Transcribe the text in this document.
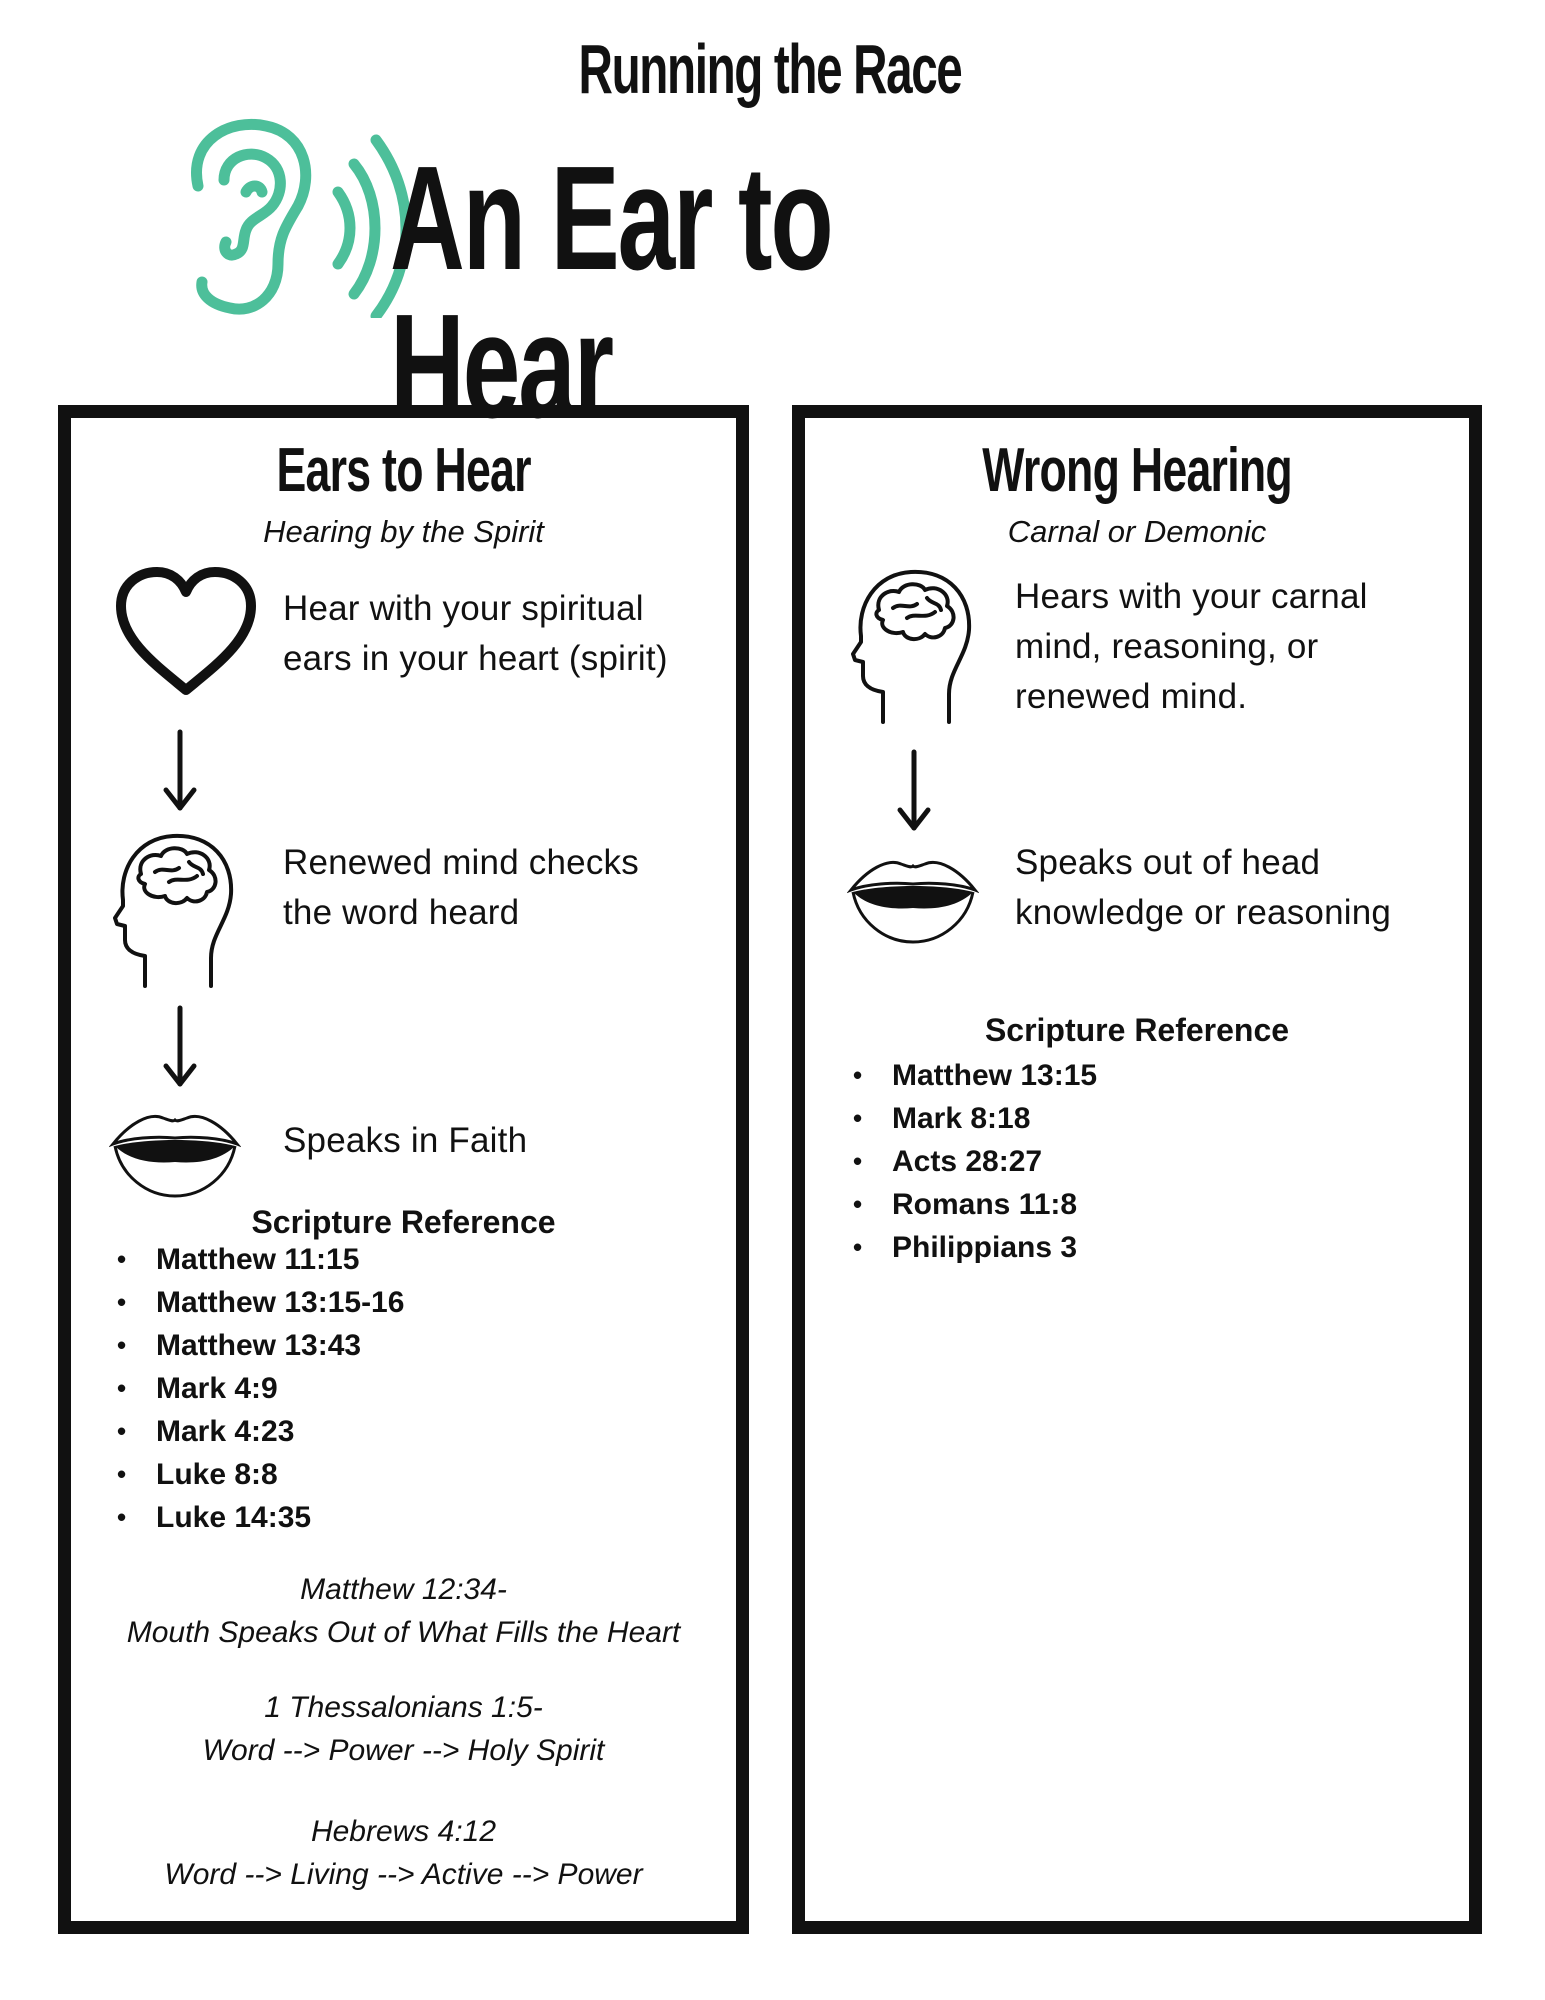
Running the Race
An Ear to Hear
Ears to Hear
Hearing by the Spirit
Hear with your spiritual
ears in your heart (spirit)
Renewed mind checks
the word heard
Speaks in Faith
Scripture Reference
• Matthew 11:15
• Matthew 13:15-16
• Matthew 13:43
• Mark 4:9
• Mark 4:23
• Luke 8:8
• Luke 14:35
Matthew 12:34-
Mouth Speaks Out of What Fills the Heart
1 Thessalonians 1:5-
Word --> Power --> Holy Spirit
Hebrews 4:12
Word --> Living --> Active --> Power
Wrong Hearing
Carnal or Demonic
Hears with your carnal
mind, reasoning, or
renewed mind.
Speaks out of head
knowledge or reasoning
Scripture Reference
• Matthew 13:15
• Mark 8:18
• Acts 28:27
• Romans 11:8
• Philippians 3
